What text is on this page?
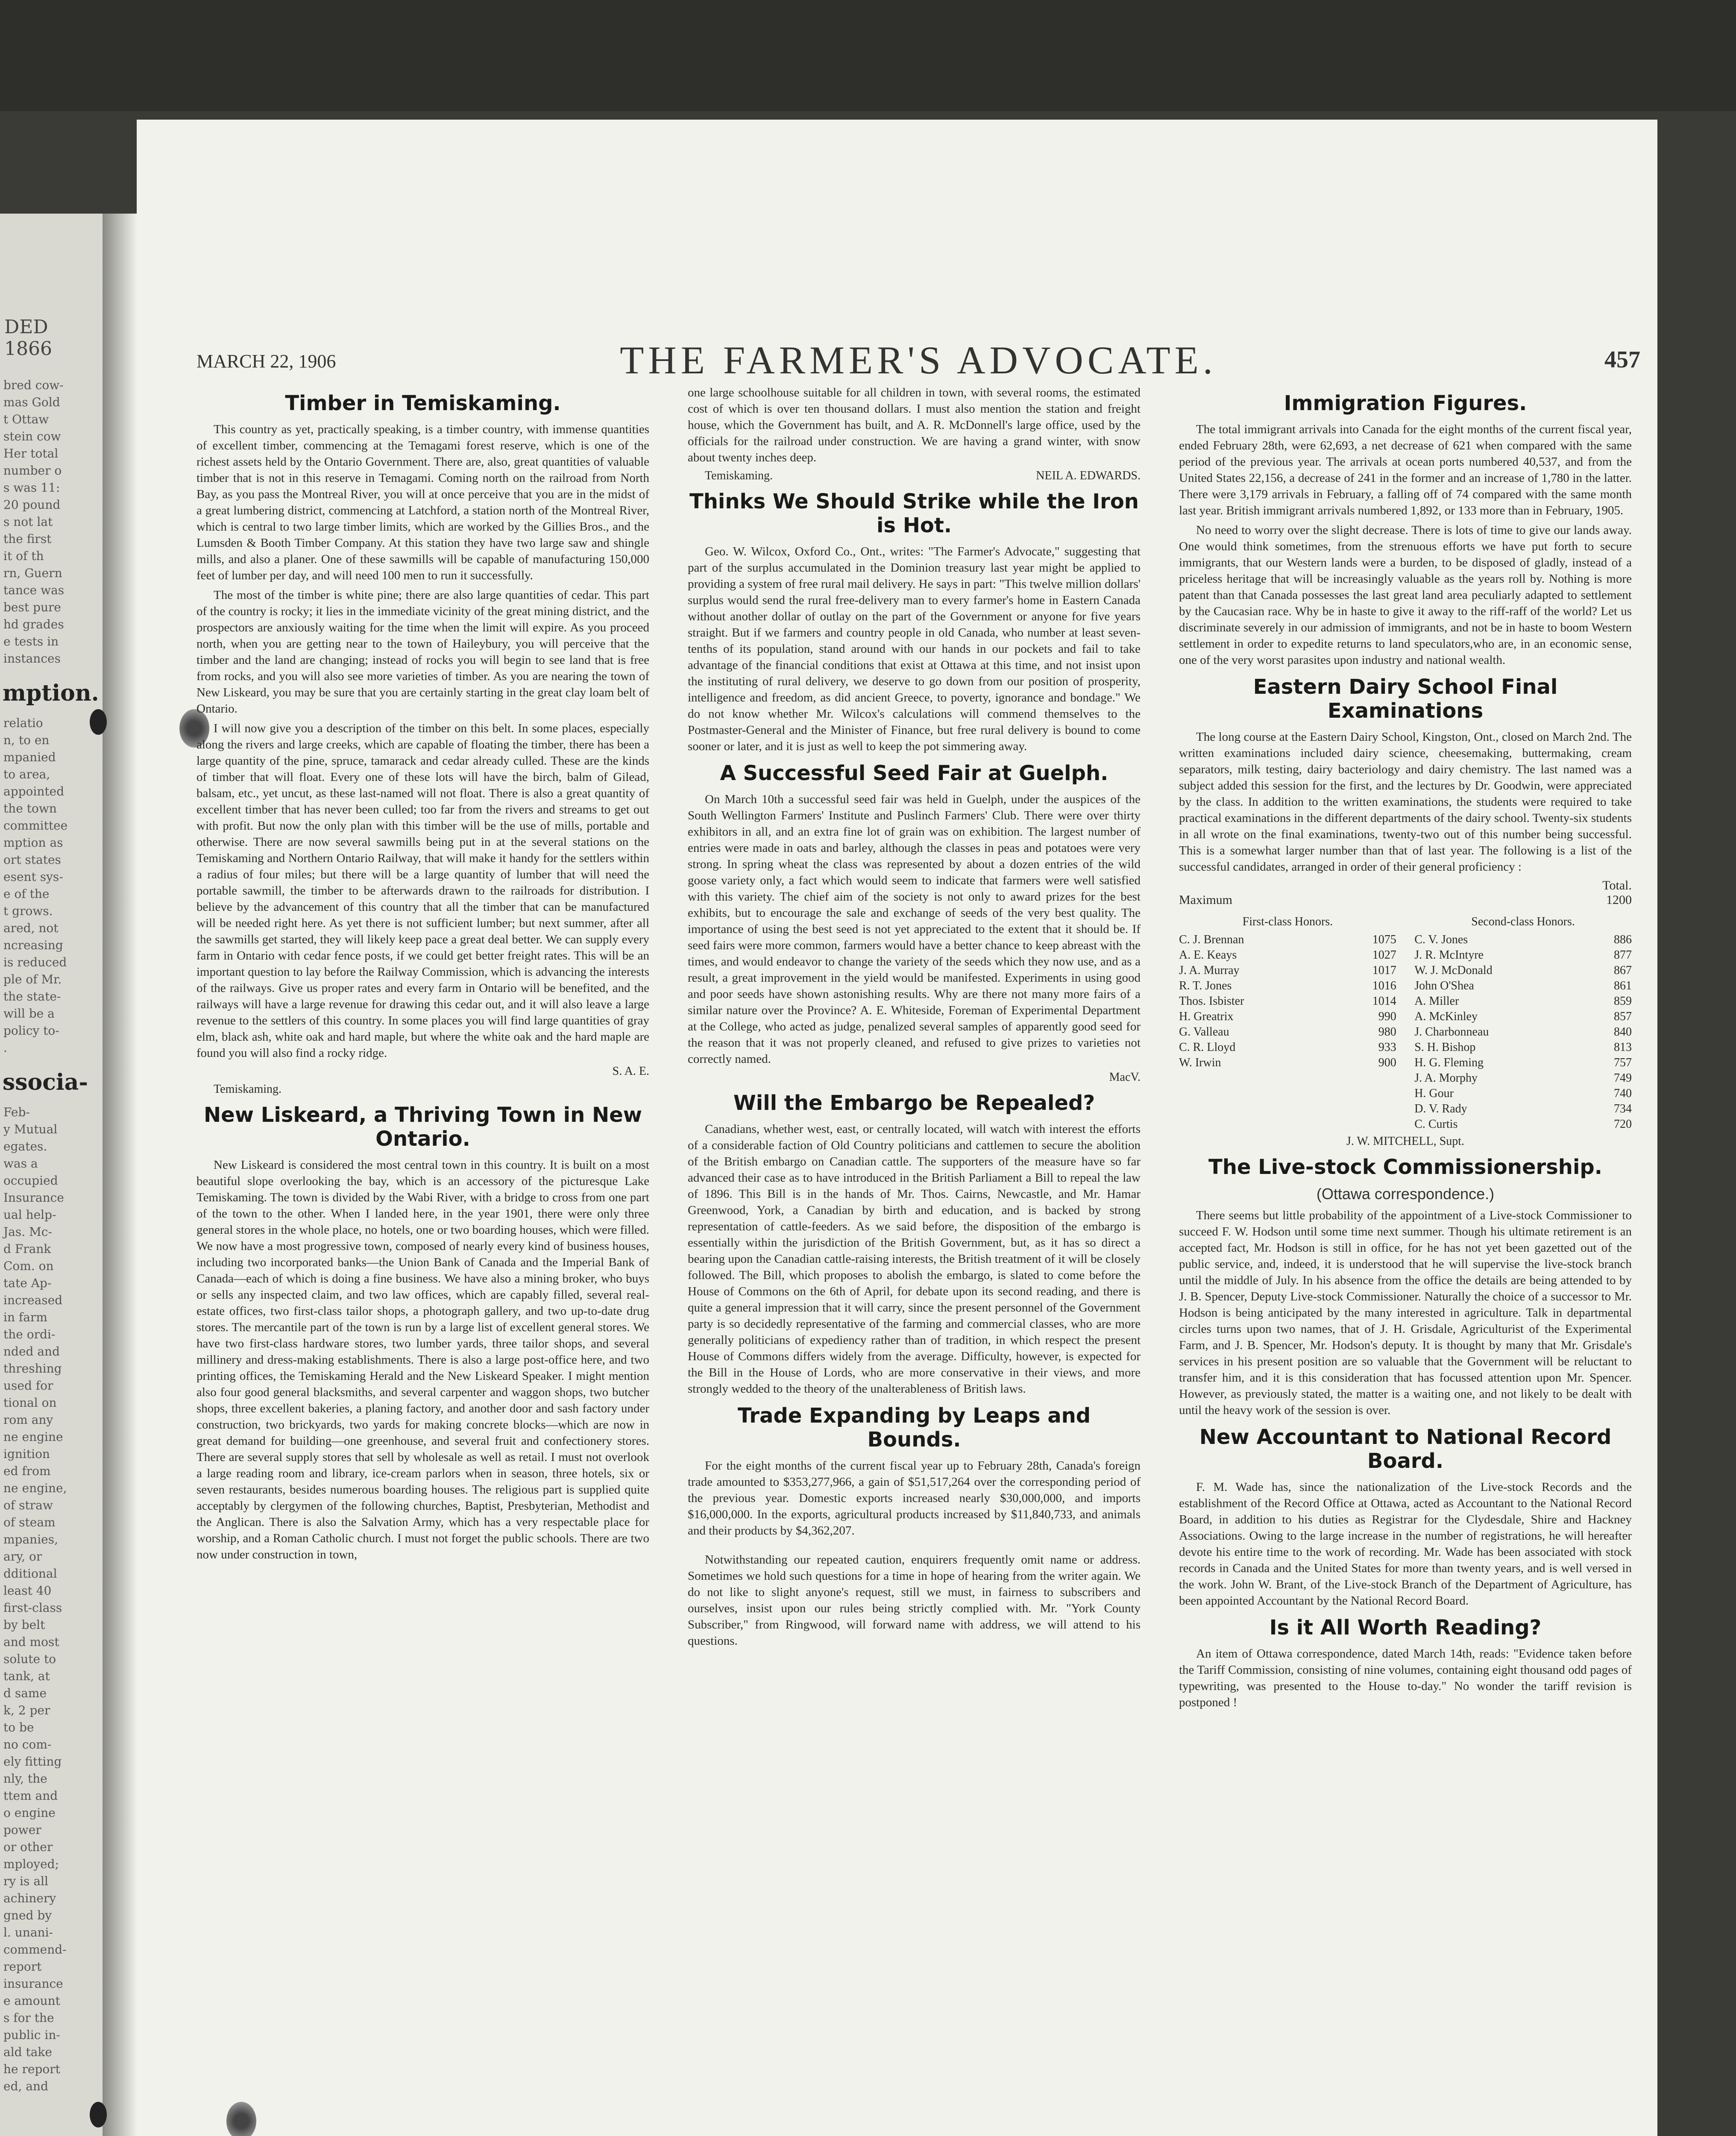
DED 1866
bred cow-
mas Gold
t Ottaw
stein cow
Her total
number o
s was 11:
20 pound
s not lat
the first
it of th
rn, Guern
tance was
best pure
hd grades
e tests in
instances
mption.
relatio
n, to en
mpanied
to area,
appointed
the town
committee
mption as
ort states
esent sys-
e of the
t grows.
ared, not
ncreasing
is reduced
ple of Mr.
the state-
will be a
policy to-
.
ssocia-
Feb-
y Mutual
egates.
was a
occupied
Insurance
ual help-
Jas. Mc-
d Frank
Com. on
tate Ap-
increased
in farm
the ordi-
nded and
threshing
used for
tional on
rom any
ne engine
ignition
ed from
ne engine,
of straw
of steam
mpanies,
ary, or
dditional
least 40
first-class
by belt
and most
solute to
tank, at
d same
k, 2 per
to be
no com-
ely fitting
nly, the
ttem and
o engine
power
or other
mployed;
ry is all
achinery
gned by
l. unani-
commend-
report
insurance
e amount
s for the
public in-
ald take
he report
ed, and
MARCH 22, 1906	THE FARMER'S ADVOCATE.	457
Timber in Temiskaming.

This country as yet, practically speaking, is a timber country, with immense quantities of excellent timber, commencing at the Temagami forest reserve, which is one of the richest assets held by the Ontario Government. There are, also, great quantities of valuable timber that is not in this reserve in Temagami. Coming north on the railroad from North Bay, as you pass the Montreal River, you will at once perceive that you are in the midst of a great lumbering district, commencing at Latchford, a station north of the Montreal River, which is central to two large timber limits, which are worked by the Gillies Bros., and the Lumsden & Booth Timber Company. At this station they have two large saw and shingle mills, and also a planer. One of these sawmills will be capable of manufacturing 150,000 feet of lumber per day, and will need 100 men to run it successfully.

The most of the timber is white pine; there are also large quantities of cedar. This part of the country is rocky; it lies in the immediate vicinity of the great mining district, and the prospectors are anxiously waiting for the time when the limit will expire. As you proceed north, when you are getting near to the town of Haileybury, you will perceive that the timber and the land are changing; instead of rocks you will begin to see land that is free from rocks, and you will also see more varieties of timber. As you are nearing the town of New Liskeard, you may be sure that you are certainly starting in the great clay loam belt of Ontario.

I will now give you a description of the timber on this belt. In some places, especially along the rivers and large creeks, which are capable of floating the timber, there has been a large quantity of the pine, spruce, tamarack and cedar already culled. These are the kinds of timber that will float. Every one of these lots will have the birch, balm of Gilead, balsam, etc., yet uncut, as these last-named will not float. There is also a great quantity of excellent timber that has never been culled; too far from the rivers and streams to get out with profit. But now the only plan with this timber will be the use of mills, portable and otherwise. There are now several sawmills being put in at the several stations on the Temiskaming and Northern Ontario Railway, that will make it handy for the settlers within a radius of four miles; but there will be a large quantity of lumber that will need the portable sawmill, the timber to be afterwards drawn to the railroads for distribution. I believe by the advancement of this country that all the timber that can be manufactured will be needed right here. As yet there is not sufficient lumber; but next summer, after all the sawmills get started, they will likely keep pace a great deal better. We can supply every farm in Ontario with cedar fence posts, if we could get better freight rates. This will be an important question to lay before the Railway Commission, which is advancing the interests of the railways. Give us proper rates and every farm in Ontario will be benefited, and the railways will have a large revenue for drawing this cedar out, and it will also leave a large revenue to the settlers of this country. In some places you will find large quantities of gray elm, black ash, white oak and hard maple, but where the white oak and the hard maple are found you will also find a rocky ridge.

S. A. E.
Temiskaming.
New Liskeard, a Thriving Town in New Ontario.

New Liskeard is considered the most central town in this country. It is built on a most beautiful slope overlooking the bay, which is an accessory of the picturesque Lake Temiskaming. The town is divided by the Wabi River, with a bridge to cross from one part of the town to the other. When I landed here, in the year 1901, there were only three general stores in the whole place, no hotels, one or two boarding houses, which were filled. We now have a most progressive town, composed of nearly every kind of business houses, including two incorporated banks—the Union Bank of Canada and the Imperial Bank of Canada—each of which is doing a fine business. We have also a mining broker, who buys or sells any inspected claim, and two law offices, which are capably filled, several real-estate offices, two first-class tailor shops, a photograph gallery, and two up-to-date drug stores. The mercantile part of the town is run by a large list of excellent general stores. We have two first-class hardware stores, two lumber yards, three tailor shops, and several millinery and dress-making establishments. There is also a large post-office here, and two printing offices, the Temiskaming Herald and the New Liskeard Speaker. I might mention also four good general blacksmiths, and several carpenter and waggon shops, two butcher shops, three excellent bakeries, a planing factory, and another door and sash factory under construction, two brickyards, two yards for making concrete blocks—which are now in great demand for building—one greenhouse, and several fruit and confectionery stores. There are several supply stores that sell by wholesale as well as retail. I must not overlook a large reading room and library, ice-cream parlors when in season, three hotels, six or seven restaurants, besides numerous boarding houses. The religious part is supplied quite acceptably by clergymen of the following churches, Baptist, Presbyterian, Methodist and the Anglican. There is also the Salvation Army, which has a very respectable place for worship, and a Roman Catholic church. I must not forget the public schools. There are two now under construction in town,

one large schoolhouse suitable for all children in town, with several rooms, the estimated cost of which is over ten thousand dollars. I must also mention the station and freight house, which the Government has built, and A. R. McDonnell's large office, used by the officials for the railroad under construction. We are having a grand winter, with snow about twenty inches deep.

Temiskaming.	NEIL A. EDWARDS.
Thinks We Should Strike while the Iron is Hot.

Geo. W. Wilcox, Oxford Co., Ont., writes: "The Farmer's Advocate," suggesting that part of the surplus accumulated in the Dominion treasury last year might be applied to providing a system of free rural mail delivery. He says in part: "This twelve million dollars' surplus would send the rural free-delivery man to every farmer's home in Eastern Canada without another dollar of outlay on the part of the Government or anyone for five years straight. But if we farmers and country people in old Canada, who number at least seven-tenths of its population, stand around with our hands in our pockets and fail to take advantage of the financial conditions that exist at Ottawa at this time, and not insist upon the instituting of rural delivery, we deserve to go down from our position of prosperity, intelligence and freedom, as did ancient Greece, to poverty, ignorance and bondage." We do not know whether Mr. Wilcox's calculations will commend themselves to the Postmaster-General and the Minister of Finance, but free rural delivery is bound to come sooner or later, and it is just as well to keep the pot simmering away.

A Successful Seed Fair at Guelph.

On March 10th a successful seed fair was held in Guelph, under the auspices of the South Wellington Farmers' Institute and Puslinch Farmers' Club. There were over thirty exhibitors in all, and an extra fine lot of grain was on exhibition. The largest number of entries were made in oats and barley, although the classes in peas and potatoes were very strong. In spring wheat the class was represented by about a dozen entries of the wild goose variety only, a fact which would seem to indicate that farmers were well satisfied with this variety. The chief aim of the society is not only to award prizes for the best exhibits, but to encourage the sale and exchange of seeds of the very best quality. The importance of using the best seed is not yet appreciated to the extent that it should be. If seed fairs were more common, farmers would have a better chance to keep abreast with the times, and would endeavor to change the variety of the seeds which they now use, and as a result, a great improvement in the yield would be manifested. Experiments in using good and poor seeds have shown astonishing results. Why are there not many more fairs of a similar nature over the Province? A. E. Whiteside, Foreman of Experimental Department at the College, who acted as judge, penalized several samples of apparently good seed for the reason that it was not properly cleaned, and refused to give prizes to varieties not correctly named.

MacV.
Will the Embargo be Repealed?

Canadians, whether west, east, or centrally located, will watch with interest the efforts of a considerable faction of Old Country politicians and cattlemen to secure the abolition of the British embargo on Canadian cattle. The supporters of the measure have so far advanced their case as to have introduced in the British Parliament a Bill to repeal the law of 1896. This Bill is in the hands of Mr. Thos. Cairns, Newcastle, and Mr. Hamar Greenwood, York, a Canadian by birth and education, and is backed by strong representation of cattle-feeders. As we said before, the disposition of the embargo is essentially within the jurisdiction of the British Government, but, as it has so direct a bearing upon the Canadian cattle-raising interests, the British treatment of it will be closely followed. The Bill, which proposes to abolish the embargo, is slated to come before the House of Commons on the 6th of April, for debate upon its second reading, and there is quite a general impression that it will carry, since the present personnel of the Government party is so decidedly representative of the farming and commercial classes, who are more generally politicians of expediency rather than of tradition, in which respect the present House of Commons differs widely from the average. Difficulty, however, is expected for the Bill in the House of Lords, who are more conservative in their views, and more strongly wedded to the theory of the unalterableness of British laws.

Trade Expanding by Leaps and Bounds.

For the eight months of the current fiscal year up to February 28th, Canada's foreign trade amounted to $353,277,966, a gain of $51,517,264 over the corresponding period of the previous year. Domestic exports increased nearly $30,000,000, and imports $16,000,000. In the exports, agricultural products increased by $11,840,733, and animals and their products by $4,362,207.

Notwithstanding our repeated caution, enquirers frequently omit name or address. Sometimes we hold such questions for a time in hope of hearing from the writer again. We do not like to slight anyone's request, still we must, in fairness to subscribers and ourselves, insist upon our rules being strictly complied with. Mr. "York County Subscriber," from Ringwood, will forward name with address, we will attend to his questions.

Immigration Figures.

The total immigrant arrivals into Canada for the eight months of the current fiscal year, ended February 28th, were 62,693, a net decrease of 621 when compared with the same period of the previous year. The arrivals at ocean ports numbered 40,537, and from the United States 22,156, a decrease of 241 in the former and an increase of 1,780 in the latter. There were 3,179 arrivals in February, a falling off of 74 compared with the same month last year. British immigrant arrivals numbered 1,892, or 133 more than in February, 1905.

No need to worry over the slight decrease. There is lots of time to give our lands away. One would think sometimes, from the strenuous efforts we have put forth to secure immigrants, that our Western lands were a burden, to be disposed of gladly, instead of a priceless heritage that will be increasingly valuable as the years roll by. Nothing is more patent than that Canada possesses the last great land area peculiarly adapted to settlement by the Caucasian race. Why be in haste to give it away to the riff-raff of the world? Let us discriminate severely in our admission of immigrants, and not be in haste to boom Western settlement in order to expedite returns to land speculators,who are, in an economic sense, one of the very worst parasites upon industry and national wealth.

Eastern Dairy School Final Examinations

The long course at the Eastern Dairy School, Kingston, Ont., closed on March 2nd. The written examinations included dairy science, cheesemaking, buttermaking, cream separators, milk testing, dairy bacteriology and dairy chemistry. The last named was a subject added this session for the first, and the lectures by Dr. Goodwin, were appreciated by the class. In addition to the written examinations, the students were required to take practical examinations in the different departments of the dairy school. Twenty-six students in all wrote on the final examinations, twenty-two out of this number being successful. This is a somewhat larger number than that of last year. The following is a list of the successful candidates, arranged in order of their general proficiency :

Total.
Maximum	1200
First-class Honors.
C. J. Brennan	1075
A. E. Keays	1027
J. A. Murray	1017
R. T. Jones	1016
Thos. Isbister	1014
H. Greatrix	990
G. Valleau	980
C. R. Lloyd	933
W. Irwin	900
Second-class Honors.
C. V. Jones	886
J. R. McIntyre	877
W. J. McDonald	867
John O'Shea	861
A. Miller	859
A. McKinley	857
J. Charbonneau	840
S. H. Bishop	813
H. G. Fleming	757
J. A. Morphy	749
H. Gour	740
D. V. Rady	734
C. Curtis	720
J. W. MITCHELL, Supt.
The Live-stock Commissionership.
(Ottawa correspondence.)

There seems but little probability of the appointment of a Live-stock Commissioner to succeed F. W. Hodson until some time next summer. Though his ultimate retirement is an accepted fact, Mr. Hodson is still in office, for he has not yet been gazetted out of the public service, and, indeed, it is understood that he will supervise the live-stock branch until the middle of July. In his absence from the office the details are being attended to by J. B. Spencer, Deputy Live-stock Commissioner. Naturally the choice of a successor to Mr. Hodson is being anticipated by the many interested in agriculture. Talk in departmental circles turns upon two names, that of J. H. Grisdale, Agriculturist of the Experimental Farm, and J. B. Spencer, Mr. Hodson's deputy. It is thought by many that Mr. Grisdale's services in his present position are so valuable that the Government will be reluctant to transfer him, and it is this consideration that has focussed attention upon Mr. Spencer. However, as previously stated, the matter is a waiting one, and not likely to be dealt with until the heavy work of the session is over.

New Accountant to National Record Board.

F. M. Wade has, since the nationalization of the Live-stock Records and the establishment of the Record Office at Ottawa, acted as Accountant to the National Record Board, in addition to his duties as Registrar for the Clydesdale, Shire and Hackney Associations. Owing to the large increase in the number of registrations, he will hereafter devote his entire time to the work of recording. Mr. Wade has been associated with stock records in Canada and the United States for more than twenty years, and is well versed in the work. John W. Brant, of the Live-stock Branch of the Department of Agriculture, has been appointed Accountant by the National Record Board.

Is it All Worth Reading?

An item of Ottawa correspondence, dated March 14th, reads: "Evidence taken before the Tariff Commission, consisting of nine volumes, containing eight thousand odd pages of typewriting, was presented to the House to-day." No wonder the tariff revision is postponed !
